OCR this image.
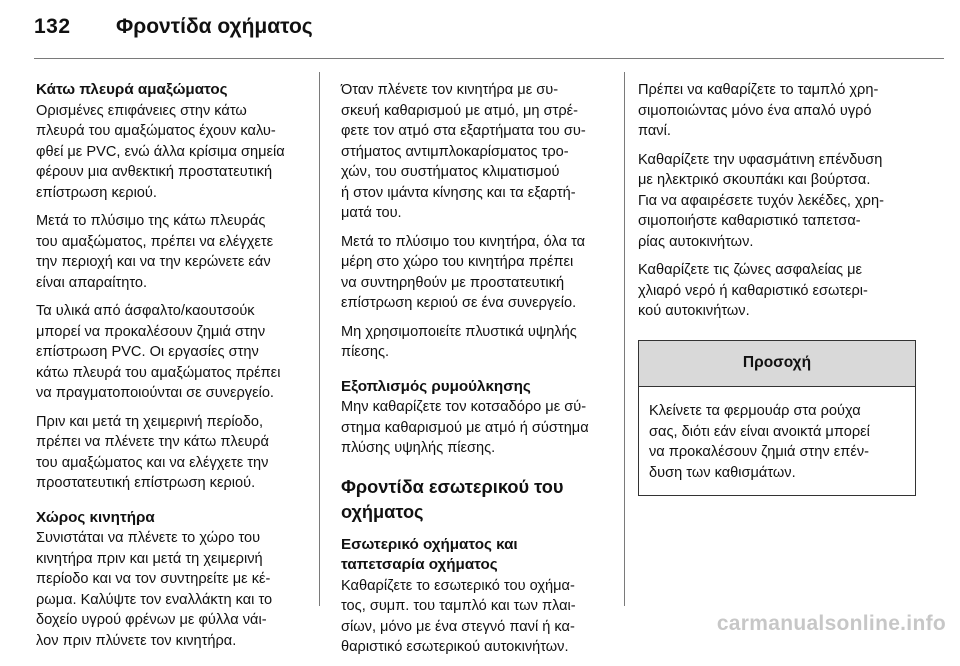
132 Φροντίδα οχήματος
Κάτω πλευρά αμαξώματος
Ορισμένες επιφάνειες στην κάτω
πλευρά του αμαξώματος έχουν καλυ-
φθεί με PVC, ενώ άλλα κρίσιμα σημεία
φέρουν μια ανθεκτική προστατευτική
επίστρωση κεριού.

Μετά το πλύσιμο της κάτω πλευράς
του αμαξώματος, πρέπει να ελέγχετε
την περιοχή και να την κερώνετε εάν
είναι απαραίτητο.

Τα υλικά από άσφαλτο/καουτσούκ
μπορεί να προκαλέσουν ζημιά στην
επίστρωση PVC. Οι εργασίες στην
κάτω πλευρά του αμαξώματος πρέπει
να πραγματοποιούνται σε συνεργείο.

Πριν και μετά τη χειμερινή περίοδο,
πρέπει να πλένετε την κάτω πλευρά
του αμαξώματος και να ελέγχετε την
προστατευτική επίστρωση κεριού.

Χώρος κινητήρα
Συνιστάται να πλένετε το χώρο του
κινητήρα πριν και μετά τη χειμερινή
περίοδο και να τον συντηρείτε με κέ-
ρωμα. Καλύψτε τον εναλλάκτη και το
δοχείο υγρού φρένων με φύλλα νάι-
λον πριν πλύνετε τον κινητήρα.

Όταν πλένετε τον κινητήρα με συ-
σκευή καθαρισμού με ατμό, μη στρέ-
φετε τον ατμό στα εξαρτήματα του συ-
στήματος αντιμπλοκαρίσματος τρο-
χών, του συστήματος κλιματισμού
ή στον ιμάντα κίνησης και τα εξαρτή-
ματά του.

Μετά το πλύσιμο του κινητήρα, όλα τα
μέρη στο χώρο του κινητήρα πρέπει
να συντηρηθούν με προστατευτική
επίστρωση κεριού σε ένα συνεργείο.

Μη χρησιμοποιείτε πλυστικά υψηλής
πίεσης.

Εξοπλισμός ρυμούλκησης
Μην καθαρίζετε τον κοτσαδόρο με σύ-
στημα καθαρισμού με ατμό ή σύστημα
πλύσης υψηλής πίεσης.
Φροντίδα εσωτερικού του
οχήματος
Εσωτερικό οχήματος και
ταπετσαρία οχήματος
Καθαρίζετε το εσωτερικό του οχήμα-
τος, συμπ. του ταμπλό και των πλαι-
σίων, μόνο με ένα στεγνό πανί ή κα-
θαριστικό εσωτερικού αυτοκινήτων.

Πρέπει να καθαρίζετε το ταμπλό χρη-
σιμοποιώντας μόνο ένα απαλό υγρό
πανί.

Καθαρίζετε την υφασμάτινη επένδυση
με ηλεκτρικό σκουπάκι και βούρτσα.
Για να αφαιρέσετε τυχόν λεκέδες, χρη-
σιμοποιήστε καθαριστικό ταπετσα-
ρίας αυτοκινήτων.

Καθαρίζετε τις ζώνες ασφαλείας με
χλιαρό νερό ή καθαριστικό εσωτερι-
κού αυτοκινήτων.

Προσοχή
Κλείνετε τα φερμουάρ στα ρούχα
σας, διότι εάν είναι ανοικτά μπορεί
να προκαλέσουν ζημιά στην επέν-
δυση των καθισμάτων.
carmanualsonline.info
